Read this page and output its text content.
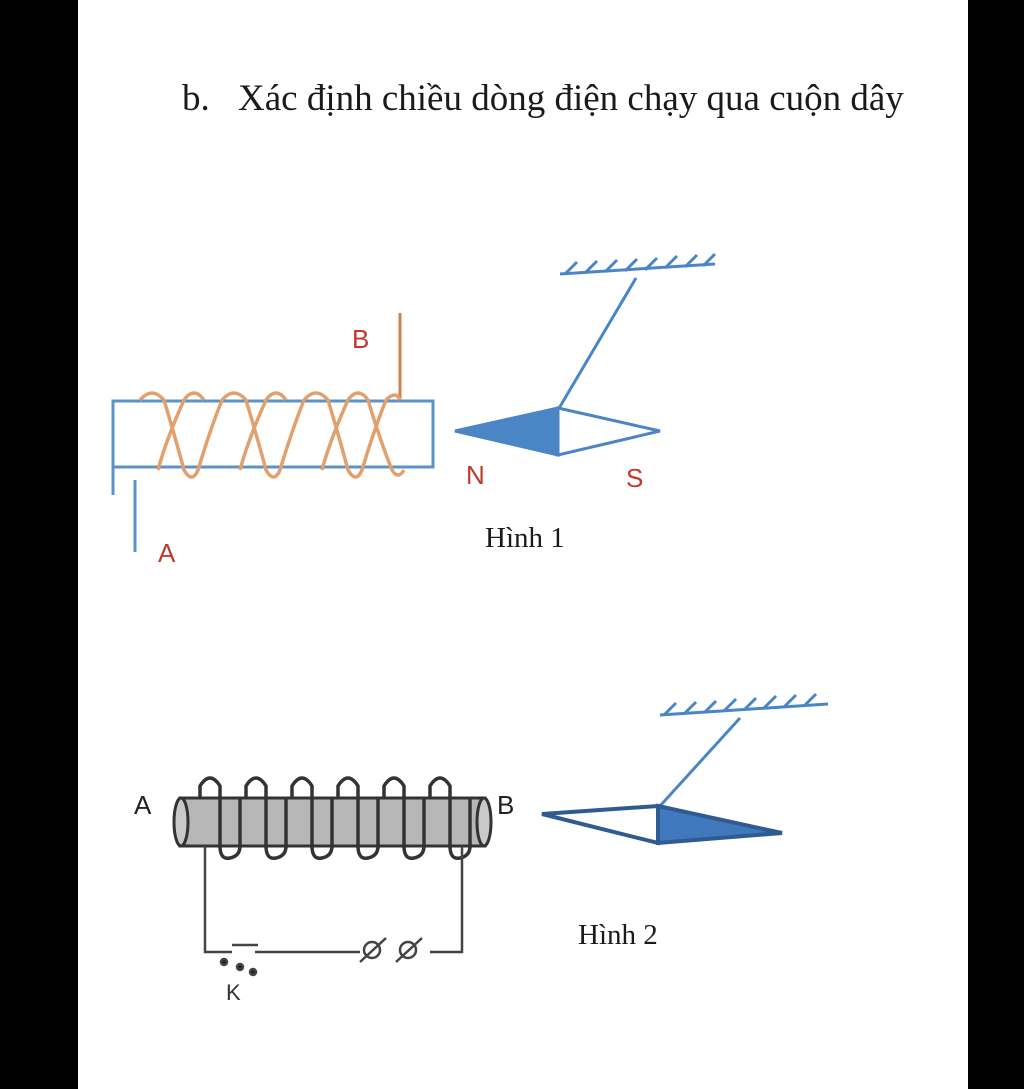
b. Xác định chiều dòng điện chạy qua cuộn dây
B
A
N	S
Hình 1
K
A	B
Hình 2
